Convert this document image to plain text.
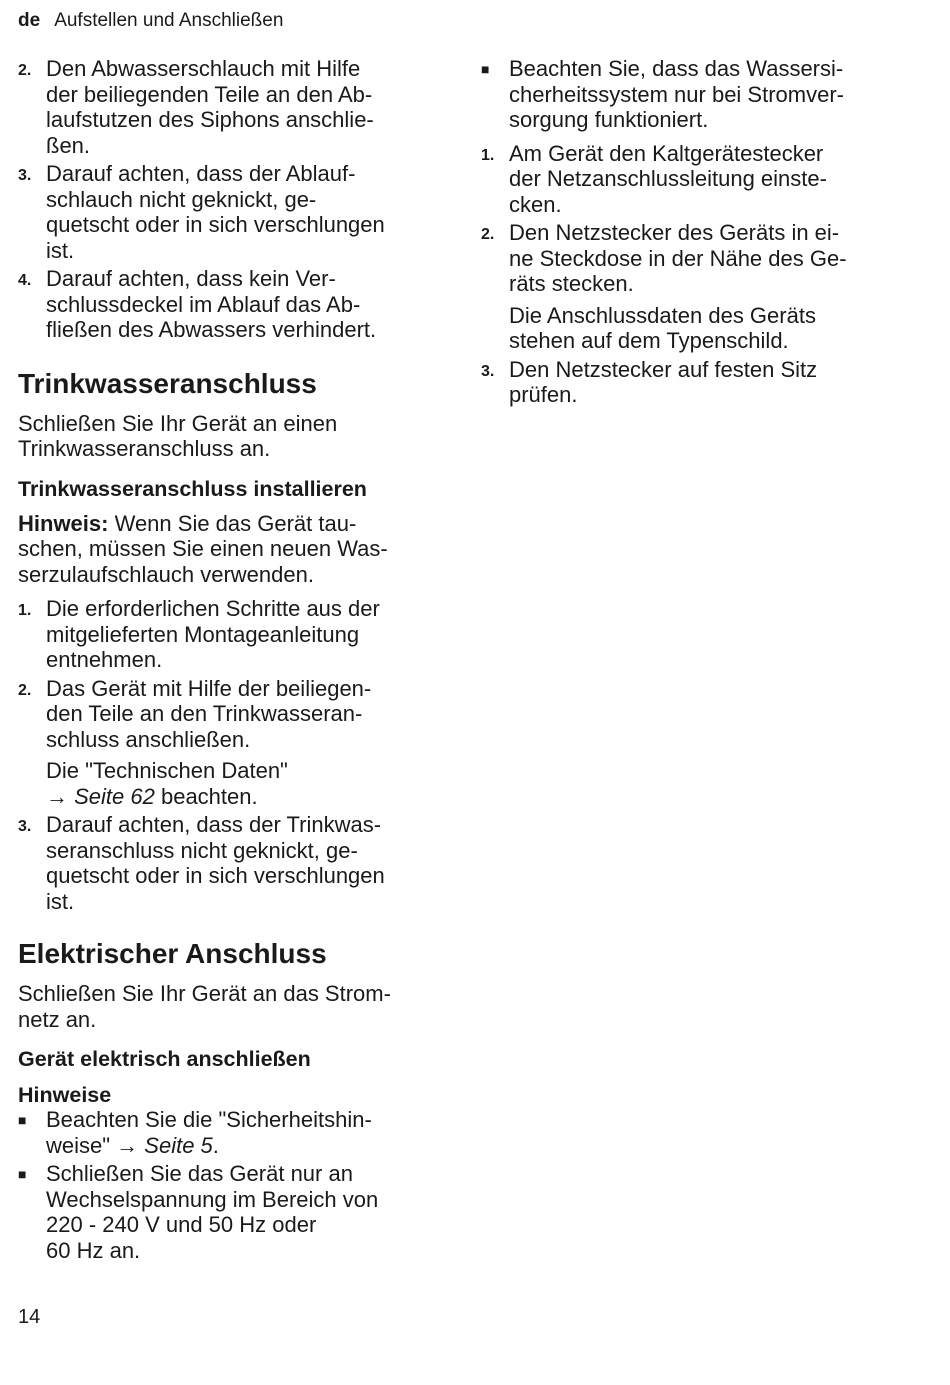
de Aufstellen und Anschließen
2. Den Abwasserschlauch mit Hilfe
der beiliegenden Teile an den Ab-
laufstutzen des Siphons anschlie-
ßen.
3. Darauf achten, dass der Ablauf-
schlauch nicht geknickt, ge-
quetscht oder in sich verschlungen
ist.
4. Darauf achten, dass kein Ver-
schlussdeckel im Ablauf das Ab-
fließen des Abwassers verhindert.
Trinkwasseranschluss
Schließen Sie Ihr Gerät an einen
Trinkwasseranschluss an.
Trinkwasseranschluss installieren
Hinweis: Wenn Sie das Gerät tau-
schen, müssen Sie einen neuen Was-
serzulaufschlauch verwenden.
1. Die erforderlichen Schritte aus der
mitgelieferten Montageanleitung
entnehmen.
2. Das Gerät mit Hilfe der beiliegen-
den Teile an den Trinkwasseran-
schluss anschließen.
Die "Technischen Daten"
→ Seite 62 beachten.
3. Darauf achten, dass der Trinkwas-
seranschluss nicht geknickt, ge-
quetscht oder in sich verschlungen
ist.
Elektrischer Anschluss
Schließen Sie Ihr Gerät an das Strom-
netz an.
Gerät elektrisch anschließen
Hinweise
■ Beachten Sie die "Sicherheitshin-
weise" → Seite 5.
■ Schließen Sie das Gerät nur an
Wechselspannung im Bereich von
220 - 240 V und 50 Hz oder
60 Hz an.
■ Beachten Sie, dass das Wassersi-
cherheitssystem nur bei Stromver-
sorgung funktioniert.
1. Am Gerät den Kaltgerätestecker
der Netzanschlussleitung einste-
cken.
2. Den Netzstecker des Geräts in ei-
ne Steckdose in der Nähe des Ge-
räts stecken.
Die Anschlussdaten des Geräts
stehen auf dem Typenschild.
3. Den Netzstecker auf festen Sitz
prüfen.
14
